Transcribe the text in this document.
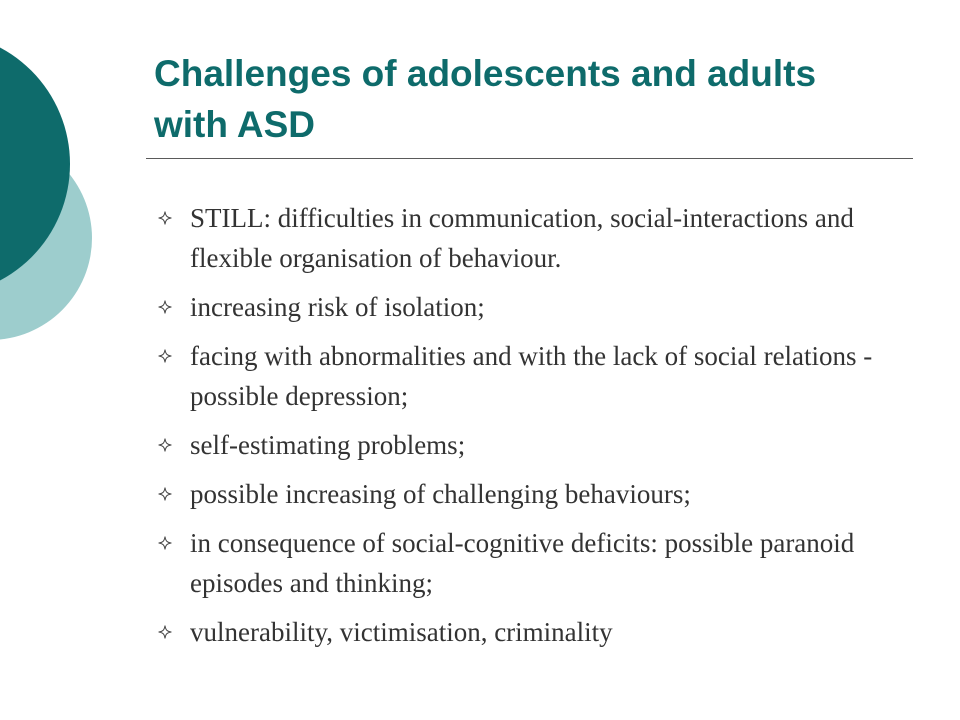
Challenges of adolescents and adults with ASD
STILL: difficulties in communication, social-interactions and flexible organisation of behaviour.
increasing risk of isolation;
facing with abnormalities and with the lack of social relations - possible depression;
self-estimating problems;
possible increasing of challenging behaviours;
in consequence of social-cognitive deficits: possible paranoid episodes and thinking;
vulnerability, victimisation, criminality
